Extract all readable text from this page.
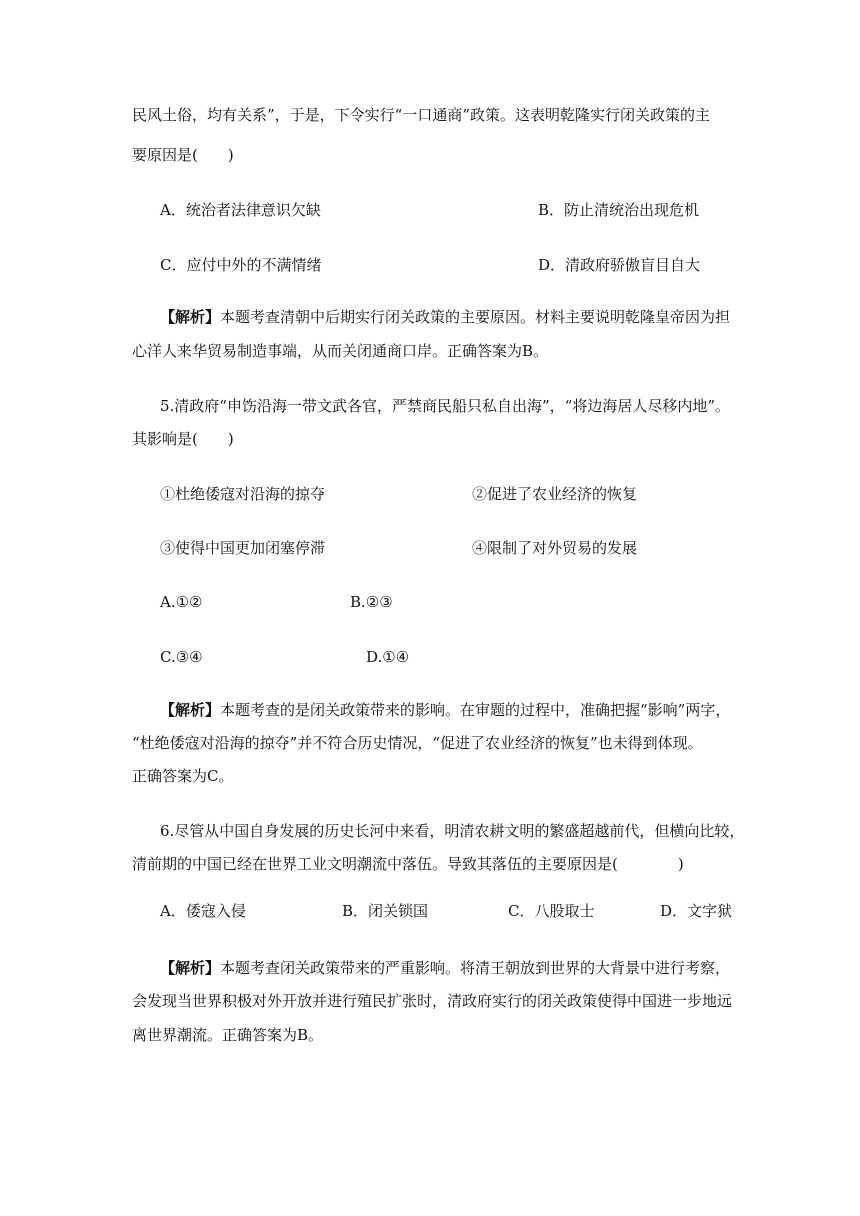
民风土俗，均有关系”，于是，下令实行“一口通商”政策。这表明乾隆实行闭关政策的主
要原因是(　　)
A．统治者法律意识欠缺	B．防止清统治出现危机
C．应付中外的不满情绪	D．清政府骄傲盲目自大
【解析】本题考查清朝中后期实行闭关政策的主要原因。材料主要说明乾隆皇帝因为担
心洋人来华贸易制造事端，从而关闭通商口岸。正确答案为B。
5.清政府“申饬沿海一带文武各官，严禁商民船只私自出海”，“将边海居人尽移内地”。
其影响是(　　)
①杜绝倭寇对沿海的掠夺	②促进了农业经济的恢复
③使得中国更加闭塞停滞	④限制了对外贸易的发展
A.①②	B.②③
C.③④	D.①④
【解析】本题考查的是闭关政策带来的影响。在审题的过程中，准确把握“影响”两字，
“杜绝倭寇对沿海的掠夺”并不符合历史情况，“促进了农业经济的恢复”也未得到体现。
正确答案为C。
6.尽管从中国自身发展的历史长河中来看，明清农耕文明的繁盛超越前代，但横向比较，
清前期的中国已经在世界工业文明潮流中落伍。导致其落伍的主要原因是(　　　　)
A．倭寇入侵	B．闭关锁国	C．八股取士	D．文字狱
【解析】本题考查闭关政策带来的严重影响。将清王朝放到世界的大背景中进行考察，
会发现当世界积极对外开放并进行殖民扩张时，清政府实行的闭关政策使得中国进一步地远
离世界潮流。正确答案为B。
